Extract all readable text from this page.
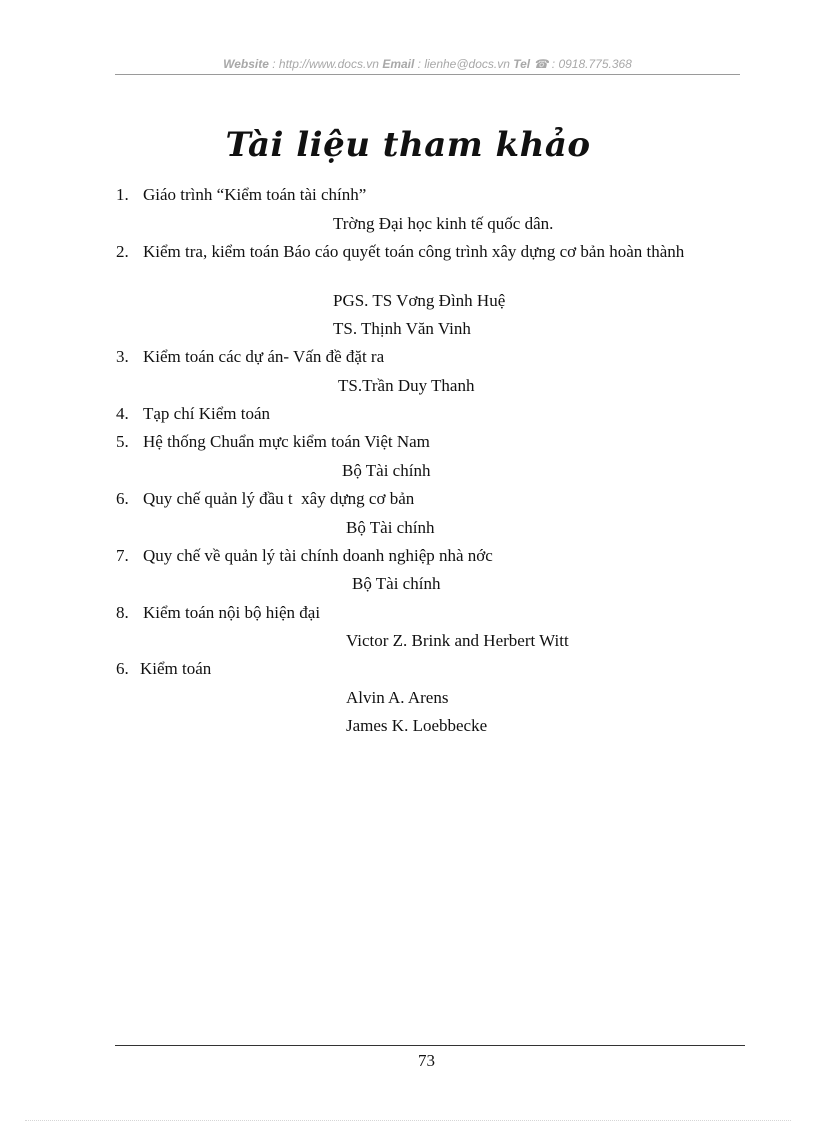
Website : http://www.docs.vn Email : lienhe@docs.vn Tel ☎ : 0918.775.368
Tài liệu tham khảo
1. Giáo trình “Kiểm toán tài chính”
Trờng Đại học kinh tế quốc dân.
2. Kiểm tra, kiểm toán Báo cáo quyết toán công trình xây dựng cơ bản hoàn thành
PGS. TS Vơng Đình Huệ
TS. Thịnh Văn Vinh
3. Kiểm toán các dự án- Vấn đề đặt ra
TS.Trần Duy Thanh
4. Tạp chí Kiểm toán
5. Hệ thống Chuẩn mực kiểm toán Việt Nam
Bộ Tài chính
6. Quy chế quản lý đầu t  xây dựng cơ bản
Bộ Tài chính
7. Quy chế về quản lý tài chính doanh nghiệp nhà nớc
Bộ Tài chính
8. Kiểm toán nội bộ hiện đại
Victor Z. Brink and Herbert Witt
6. Kiểm toán
Alvin A. Arens
James K. Loebbecke
73
